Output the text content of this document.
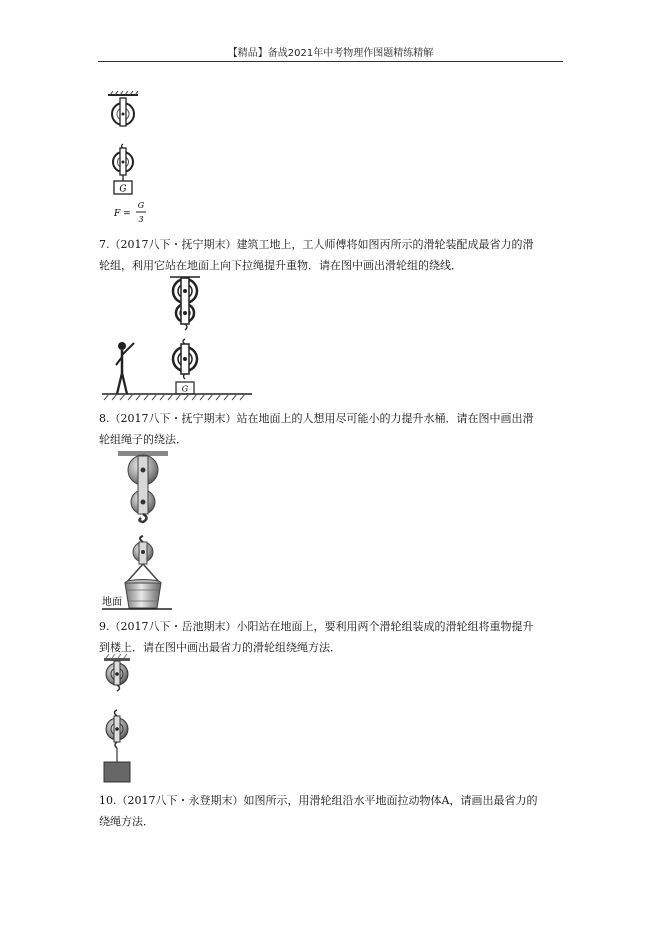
【精品】备战2021年中考物理作图题精练精解
G
F =
G
3
7.（2017八下・抚宁期末）建筑工地上，工人师傅将如图丙所示的滑轮装配成最省力的滑
轮组，利用它站在地面上向下拉绳提升重物．请在图中画出滑轮组的绕线．
G
8.（2017八下・抚宁期末）站在地面上的人想用尽可能小的力提升水桶．请在图中画出滑
轮组绳子的绕法．
地面
9.（2017八下・岳池期末）小阳站在地面上，要利用两个滑轮组装成的滑轮组将重物提升
到楼上．请在图中画出最省力的滑轮组绕绳方法．
10.（2017八下・永登期末）如图所示，用滑轮组沿水平地面拉动物体A，请画出最省力的
绕绳方法．
